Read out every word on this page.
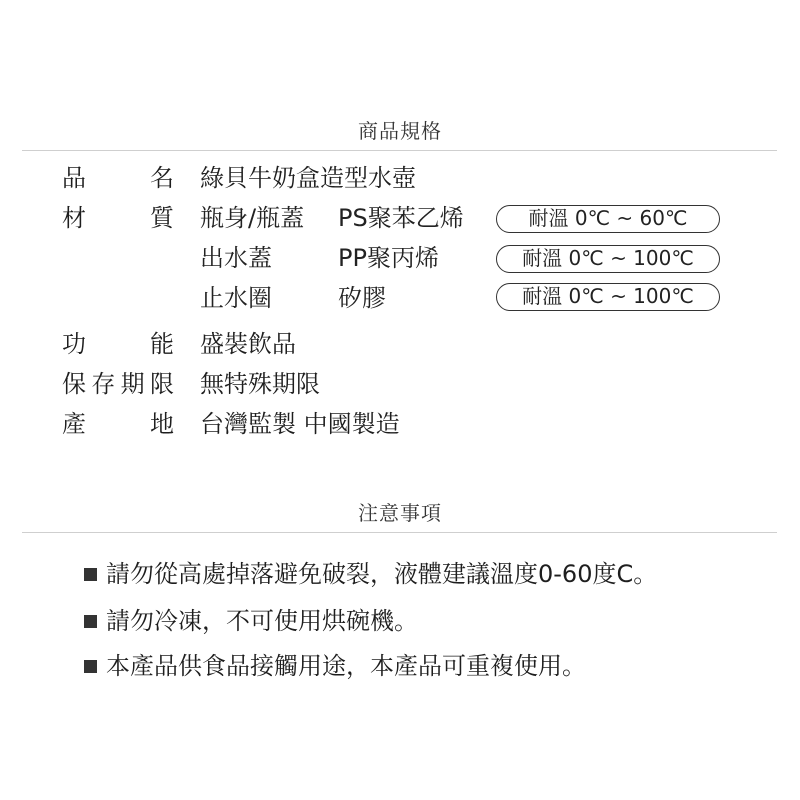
商品規格
品名 綠貝牛奶盒造型水壺
材質 瓶身/瓶蓋 PS聚苯乙烯	耐溫 0℃ ~ 60℃
出水蓋	PP聚丙烯	耐溫 0℃ ~ 100℃
止水圈	矽膠	耐溫 0℃ ~ 100℃
功能 盛裝飲品
保存期限 無特殊期限
產地 台灣監製 中國製造
注意事項
請勿從高處掉落避免破裂，液體建議溫度0-60度C。
請勿冷凍，不可使用烘碗機。
本產品供食品接觸用途，本產品可重複使用。
